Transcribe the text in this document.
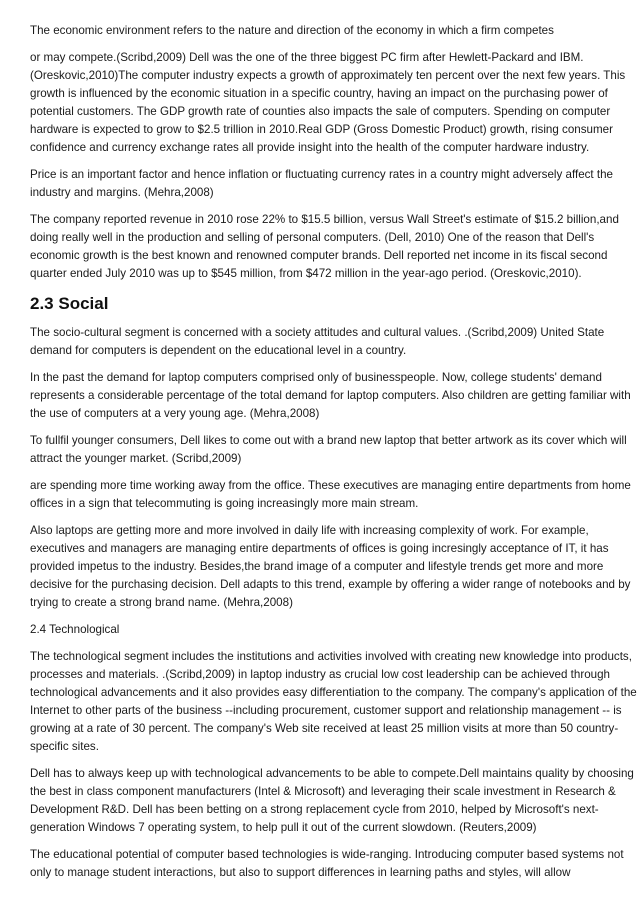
The economic environment refers to the nature and direction of the economy in which a firm competes

or may compete.(Scribd,2009) Dell was the one of the three biggest PC firm after Hewlett-Packard and IBM. (Oreskovic,2010)The computer industry expects a growth of approximately ten percent over the next few years. This growth is influenced by the economic situation in a specific country, having an impact on the purchasing power of potential customers. The GDP growth rate of counties also impacts the sale of computers. Spending on computer hardware is expected to grow to $2.5 trillion in 2010.Real GDP (Gross Domestic Product) growth, rising consumer confidence and currency exchange rates all provide insight into the health of the computer hardware industry.

Price is an important factor and hence inflation or fluctuating currency rates in a country might adversely affect the industry and margins. (Mehra,2008)

The company reported revenue in 2010 rose 22% to $15.5 billion, versus Wall Street's estimate of $15.2 billion,and doing really well in the production and selling of personal computers. (Dell, 2010) One of the reason that Dell's economic growth is the best known and renowned computer brands. Dell reported net income in its fiscal second quarter ended July 2010 was up to $545 million, from $472 million in the year-ago period. (Oreskovic,2010).

2.3 Social

The socio-cultural segment is concerned with a society attitudes and cultural values. .(Scribd,2009) United State demand for computers is dependent on the educational level in a country.

In the past the demand for laptop computers comprised only of businesspeople. Now, college students' demand represents a considerable percentage of the total demand for laptop computers. Also children are getting familiar with the use of computers at a very young age. (Mehra,2008)

To fullfil younger consumers, Dell likes to come out with a brand new laptop that better artwork as its cover which will attract the younger market. (Scribd,2009)

are spending more time working away from the office. These executives are managing entire departments from home offices in a sign that telecommuting is going increasingly more main stream.

Also laptops are getting more and more involved in daily life with increasing complexity of work. For example, executives and managers are managing entire departments of offices is going incresingly acceptance of IT, it has provided impetus to the industry. Besides,the brand image of a computer and lifestyle trends get more and more decisive for the purchasing decision. Dell adapts to this trend, example by offering a wider range of notebooks and by trying to create a strong brand name. (Mehra,2008)

2.4 Technological

The technological segment includes the institutions and activities involved with creating new knowledge into products, processes and materials. .(Scribd,2009) in laptop industry as crucial low cost leadership can be achieved through technological advancements and it also provides easy differentiation to the company. The company's application of the Internet to other parts of the business --including procurement, customer support and relationship management -- is growing at a rate of 30 percent. The company's Web site received at least 25 million visits at more than 50 country-specific sites.

Dell has to always keep up with technological advancements to be able to compete.Dell maintains quality by choosing the best in class component manufacturers (Intel & Microsoft) and leveraging their scale investment in Research & Development R&D. Dell has been betting on a strong replacement cycle from 2010, helped by Microsoft's next-generation Windows 7 operating system, to help pull it out of the current slowdown. (Reuters,2009)

The educational potential of computer based technologies is wide-ranging. Introducing computer based systems not only to manage student interactions, but also to support differences in learning paths and styles, will allow
